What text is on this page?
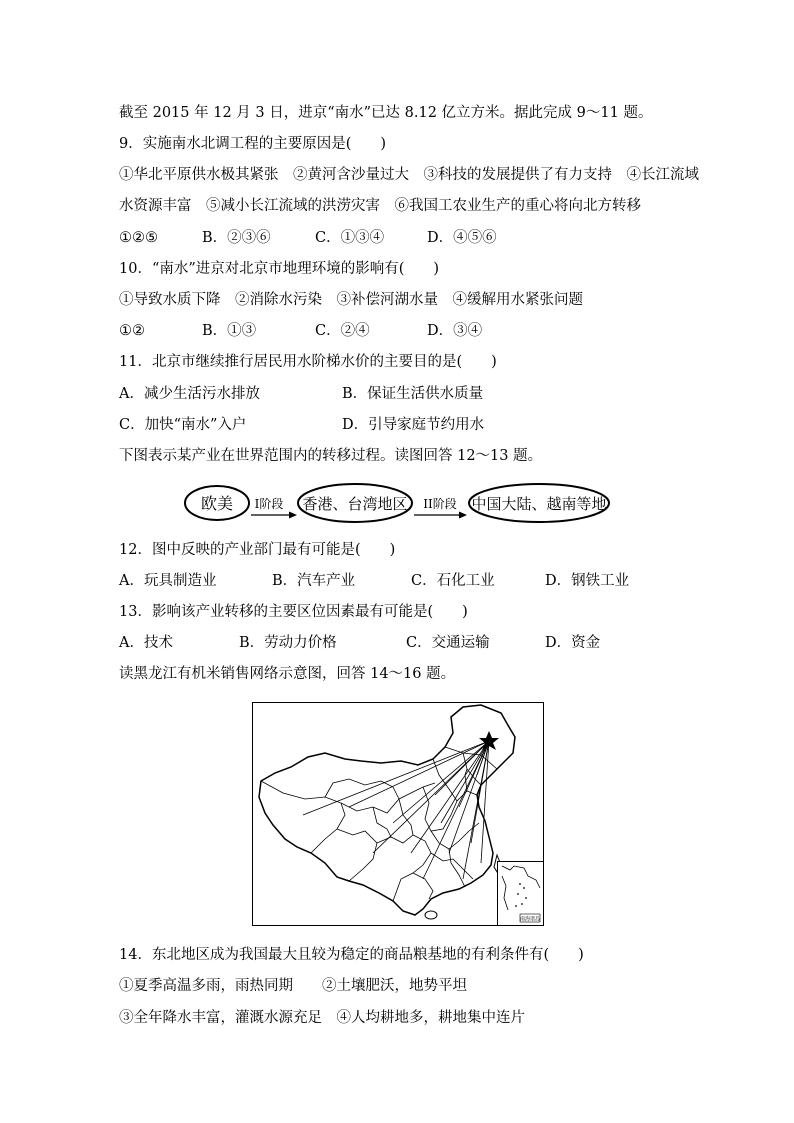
截至 2015 年 12 月 3 日，进京“南水”已达 8.12 亿立方米。据此完成 9～11 题。
9．实施南水北调工程的主要原因是(　　)
①华北平原供水极其紧张　②黄河含沙量过大　③科技的发展提供了有力支持　④长江流域
水资源丰富　⑤减小长江流域的洪涝灾害　⑥我国工农业生产的重心将向北方转移
①②⑤	B．②③⑥	C．①③④	D．④⑤⑥
10．“南水”进京对北京市地理环境的影响有(　　)
①导致水质下降　②消除水污染　③补偿河湖水量　④缓解用水紧张问题
①②	B．①③	C．②④	D．③④
11．北京市继续推行居民用水阶梯水价的主要目的是(　　)
A．减少生活污水排放	B．保证生活供水质量
C．加快“南水”入户	D．引导家庭节约用水
下图表示某产业在世界范围内的转移过程。读图回答 12～13 题。
欧美 I阶段 香港、台湾地区 II阶段 中国大陆、越南等地
12．图中反映的产业部门最有可能是(　　)
A．玩具制造业	B．汽车产业	C．石化工业	D．钢铁工业
13．影响该产业转移的主要区位因素最有可能是(　　)
A．技术	B．劳动力价格	C．交通运输	D．资金
读黑龙江有机米销售网络示意图，回答 14～16 题。
南海诸岛
14．东北地区成为我国最大且较为稳定的商品粮基地的有利条件有(　　)
①夏季高温多雨，雨热同期　　②土壤肥沃，地势平坦
③全年降水丰富，灌溉水源充足　④人均耕地多，耕地集中连片
